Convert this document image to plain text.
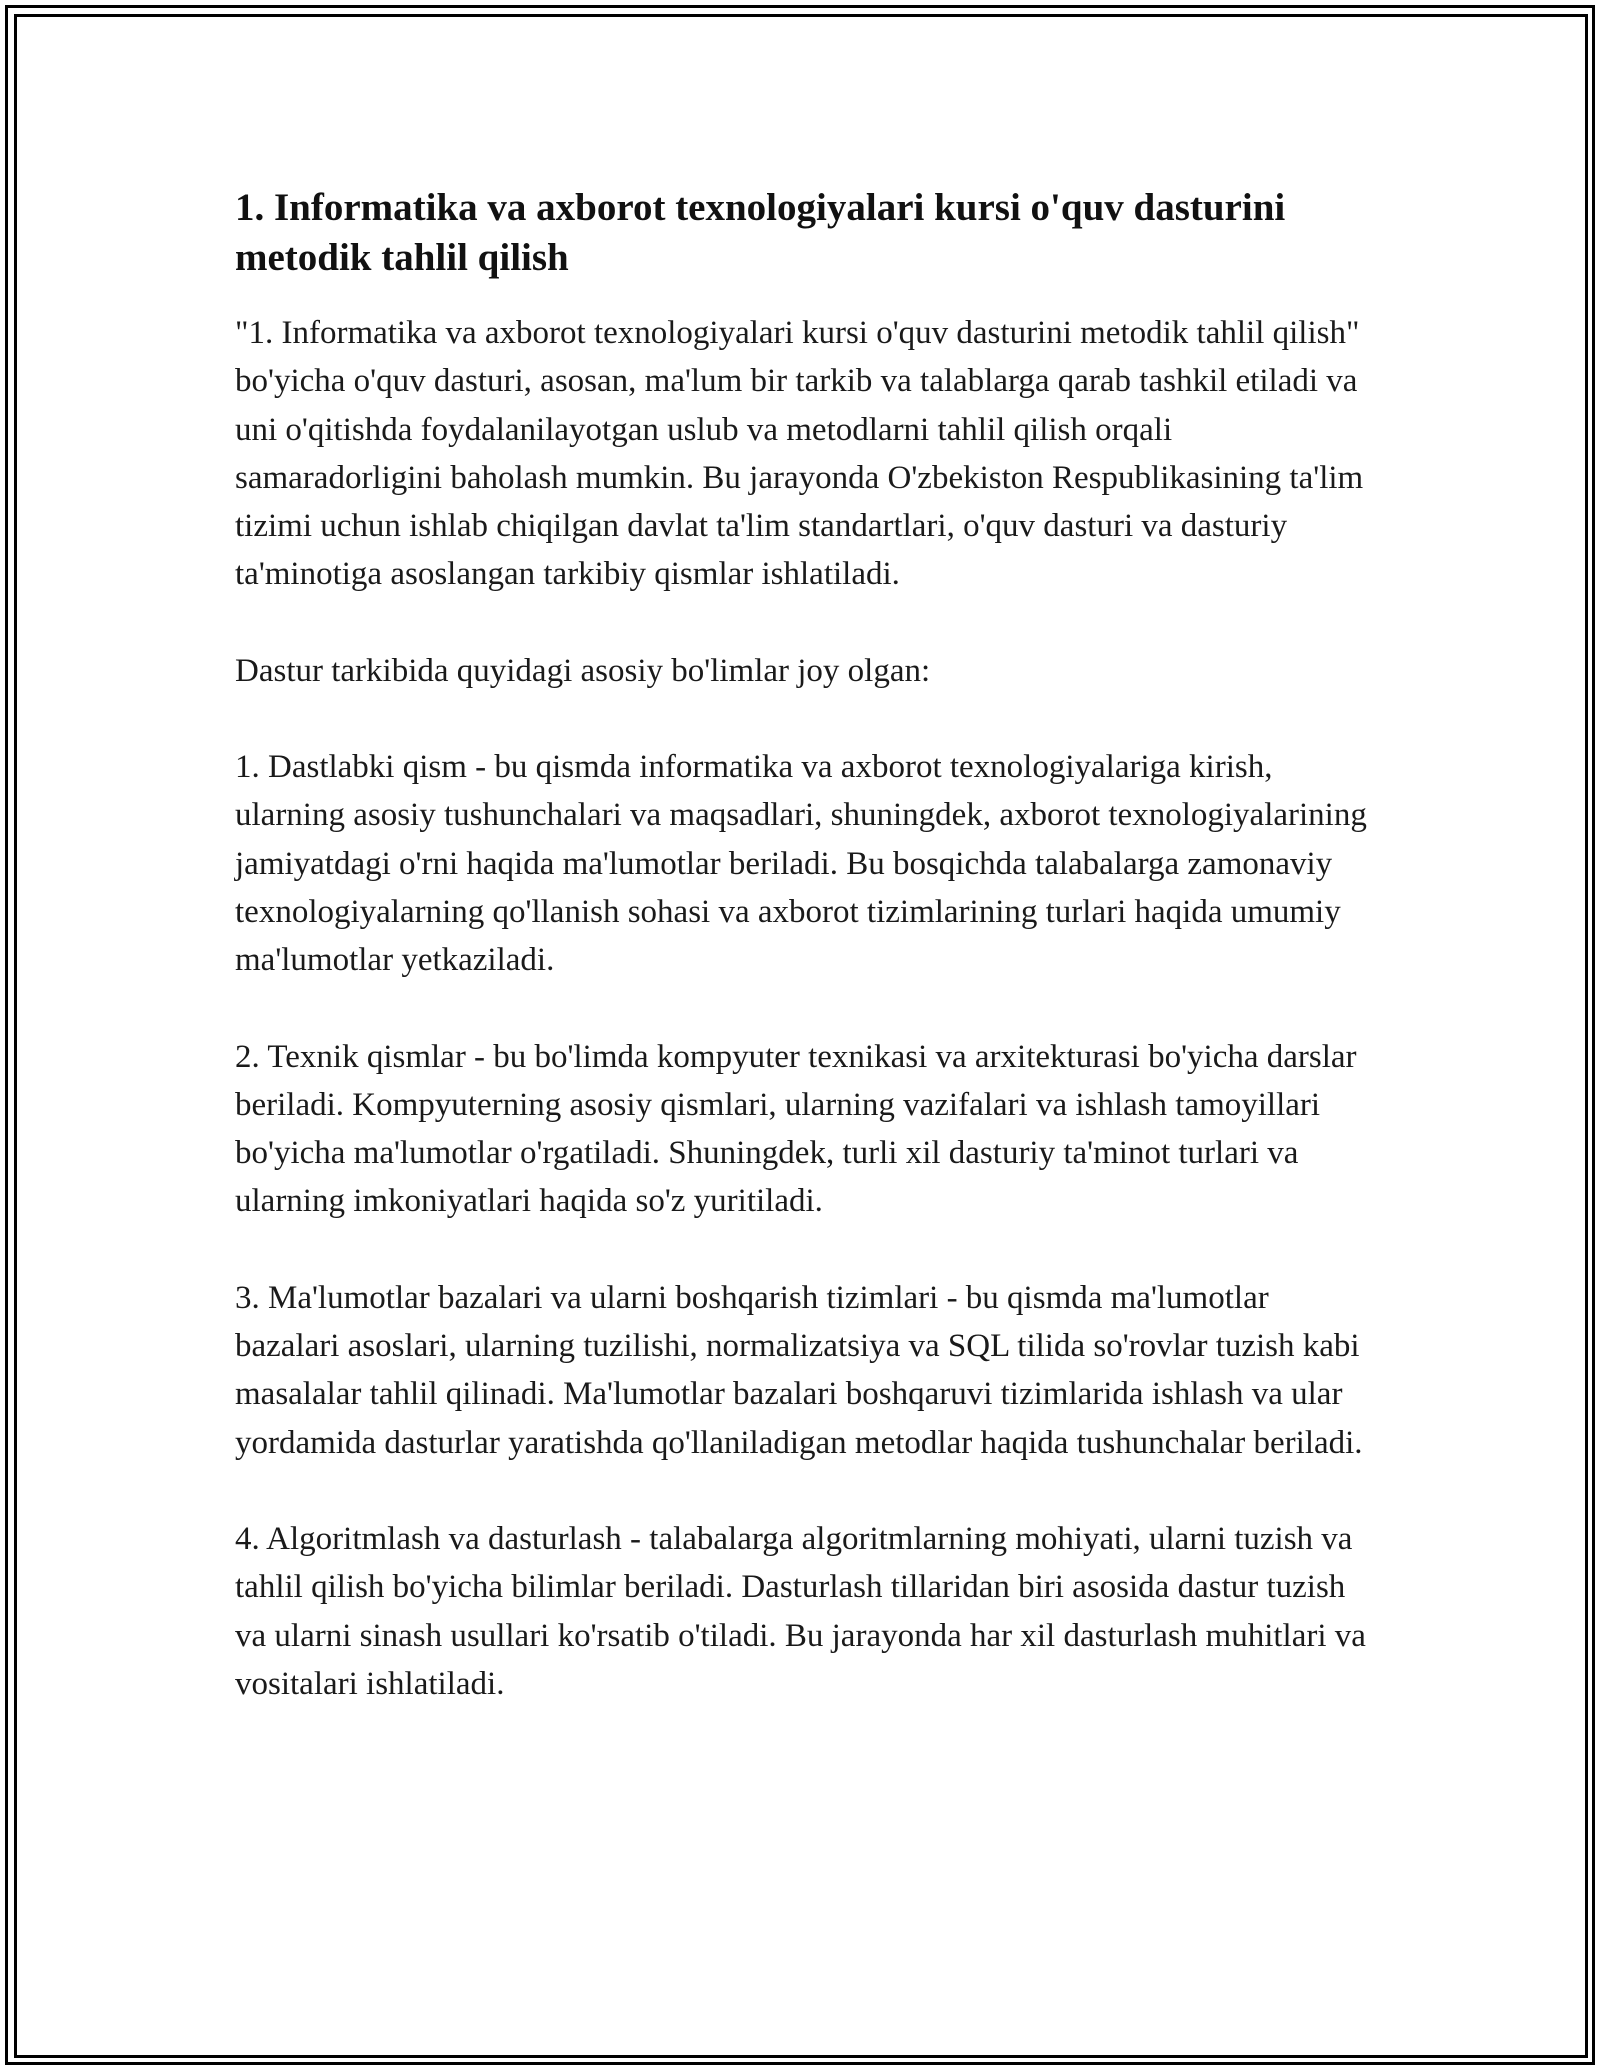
1. Informatika va axborot texnologiyalari kursi o'quv dasturini metodik tahlil qilish

"1. Informatika va axborot texnologiyalari kursi o'quv dasturini metodik tahlil qilish" bo'yicha o'quv dasturi, asosan, ma'lum bir tarkib va talablarga qarab tashkil etiladi va uni o'qitishda foydalanilayotgan uslub va metodlarni tahlil qilish orqali samaradorligini baholash mumkin. Bu jarayonda O'zbekiston Respublikasining ta'lim tizimi uchun ishlab chiqilgan davlat ta'lim standartlari, o'quv dasturi va dasturiy ta'minotiga asoslangan tarkibiy qismlar ishlatiladi.

Dastur tarkibida quyidagi asosiy bo'limlar joy olgan:

1. Dastlabki qism - bu qismda informatika va axborot texnologiyalariga kirish, ularning asosiy tushunchalari va maqsadlari, shuningdek, axborot texnologiyalarining jamiyatdagi o'rni haqida ma'lumotlar beriladi. Bu bosqichda talabalarga zamonaviy texnologiyalarning qo'llanish sohasi va axborot tizimlarining turlari haqida umumiy ma'lumotlar yetkaziladi.

2. Texnik qismlar - bu bo'limda kompyuter texnikasi va arxitekturasi bo'yicha darslar beriladi. Kompyuterning asosiy qismlari, ularning vazifalari va ishlash tamoyillari bo'yicha ma'lumotlar o'rgatiladi. Shuningdek, turli xil dasturiy ta'minot turlari va ularning imkoniyatlari haqida so'z yuritiladi.

3. Ma'lumotlar bazalari va ularni boshqarish tizimlari - bu qismda ma'lumotlar bazalari asoslari, ularning tuzilishi, normalizatsiya va SQL tilida so'rovlar tuzish kabi masalalar tahlil qilinadi. Ma'lumotlar bazalari boshqaruvi tizimlarida ishlash va ular yordamida dasturlar yaratishda qo'llaniladigan metodlar haqida tushunchalar beriladi.

4. Algoritmlash va dasturlash - talabalarga algoritmlarning mohiyati, ularni tuzish va tahlil qilish bo'yicha bilimlar beriladi. Dasturlash tillaridan biri asosida dastur tuzish va ularni sinash usullari ko'rsatib o'tiladi. Bu jarayonda har xil dasturlash muhitlari va vositalari ishlatiladi.
